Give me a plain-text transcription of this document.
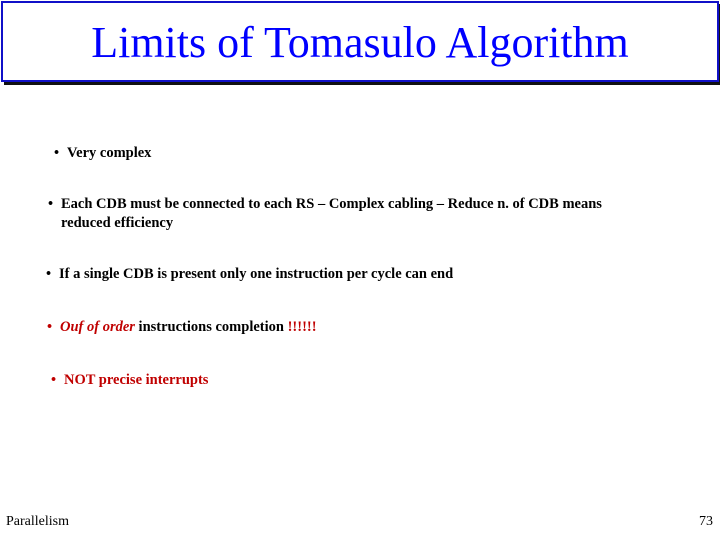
Limits of Tomasulo Algorithm
• Very complex
• Each CDB must be connected to each RS – Complex cabling – Reduce n. of CDB means reduced efficiency
• If a single CDB is present only one instruction per cycle can end
• Ouf of order instructions completion !!!!!!
• NOT precise interrupts
Parallelism	73
